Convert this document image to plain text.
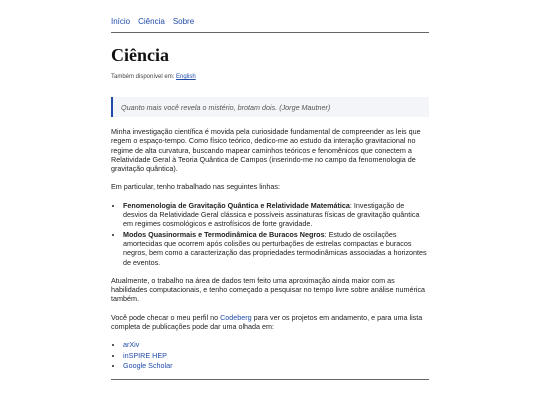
Início Ciência Sobre
Ciência
Também disponível em: English
Quanto mais você revela o mistério, brotam dois. (Jorge Mautner)

Minha investigação científica é movida pela curiosidade fundamental de compreender as leis que regem o espaço-tempo. Como físico teórico, dedico-me ao estudo da interação gravitacional no regime de alta curvatura, buscando mapear caminhos teóricos e fenomênicos que conectem a Relatividade Geral à Teoria Quântica de Campos (inserindo-me no campo da fenomenologia de gravitação quântica).

Em particular, tenho trabalhado nas seguintes linhas:

• Fenomenologia de Gravitação Quântica e Relatividade Matemática: Investigação de desvios da Relatividade Geral clássica e possíveis assinaturas físicas de gravitação quântica em regimes cosmológicos e astrofísicos de forte gravidade.
• Modos Quasinormais e Termodinâmica de Buracos Negros: Estudo de oscilações amortecidas que ocorrem após colisões ou perturbações de estrelas compactas e buracos negros, bem como a caracterização das propriedades termodinâmicas associadas a horizontes de eventos.

Atualmente, o trabalho na área de dados tem feito uma aproximação ainda maior com as habilidades computacionais, e tenho começado a pesquisar no tempo livre sobre análise numérica também.

Você pode checar o meu perfil no Codeberg para ver os projetos em andamento, e para uma lista completa de publicações pode dar uma olhada em:

• arXiv
• inSPIRE HEP
• Google Scholar
